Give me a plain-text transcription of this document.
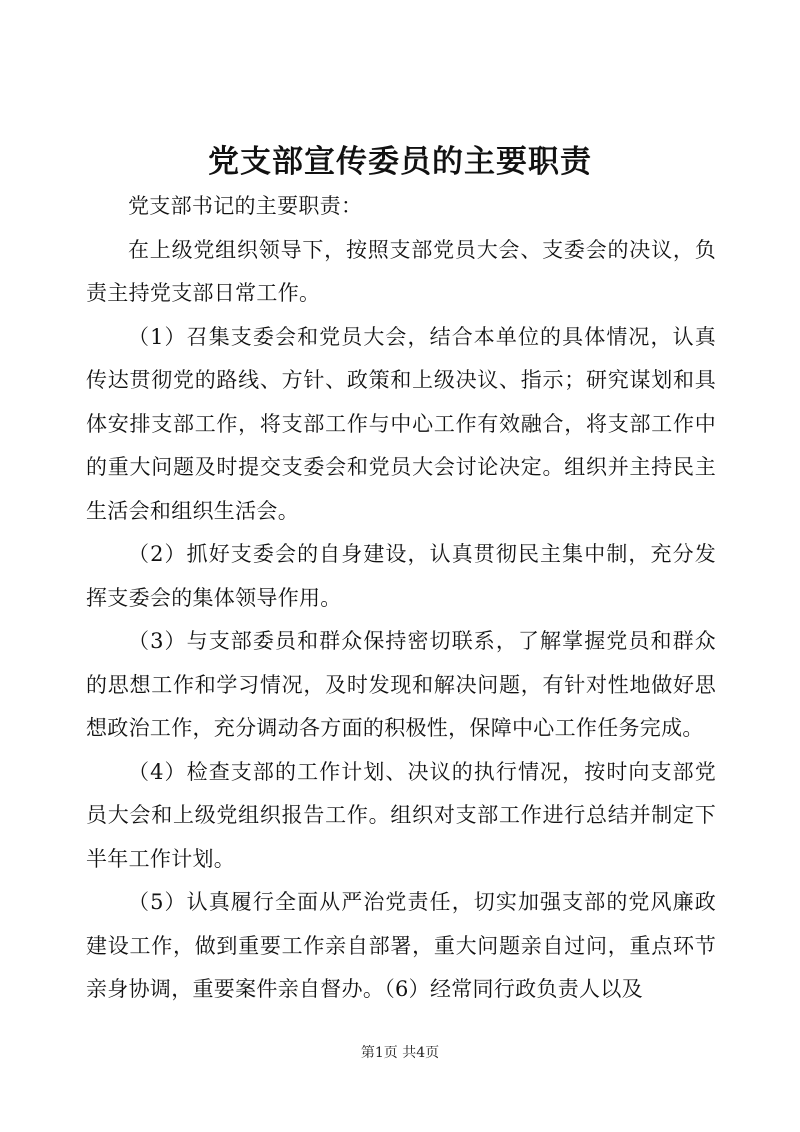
党支部宣传委员的主要职责

党支部书记的主要职责：

在上级党组织领导下，按照支部党员大会、支委会的决议，负责主持党支部日常工作。

（1）召集支委会和党员大会，结合本单位的具体情况，认真传达贯彻党的路线、方针、政策和上级决议、指示；研究谋划和具体安排支部工作，将支部工作与中心工作有效融合，将支部工作中的重大问题及时提交支委会和党员大会讨论决定。组织并主持民主生活会和组织生活会。

（2）抓好支委会的自身建设，认真贯彻民主集中制，充分发挥支委会的集体领导作用。

（3）与支部委员和群众保持密切联系，了解掌握党员和群众的思想工作和学习情况，及时发现和解决问题，有针对性地做好思想政治工作，充分调动各方面的积极性，保障中心工作任务完成。

（4）检查支部的工作计划、决议的执行情况，按时向支部党员大会和上级党组织报告工作。组织对支部工作进行总结并制定下半年工作计划。

（5）认真履行全面从严治党责任，切实加强支部的党风廉政建设工作，做到重要工作亲自部署，重大问题亲自过问，重点环节亲身协调，重要案件亲自督办。（6）经常同行政负责人以及

第1页 共4页
